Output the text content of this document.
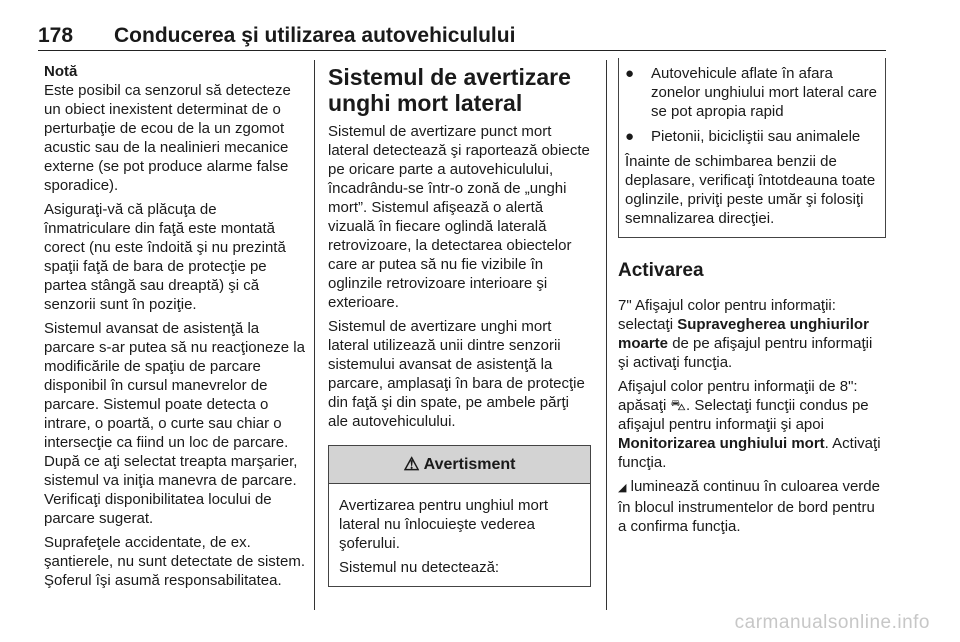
178 Conducerea şi utilizarea autovehiculului

Notă
Este posibil ca senzorul să detecteze un obiect inexistent determinat de o perturbaţie de ecou de la un zgomot acustic sau de la nealinieri mecanice externe (se pot produce alarme false sporadice).

Asiguraţi-vă că plăcuţa de înmatriculare din faţă este montată corect (nu este îndoită şi nu prezintă spaţii faţă de bara de protecţie pe partea stângă sau dreaptă) şi că senzorii sunt în poziţie.

Sistemul avansat de asistenţă la parcare s-ar putea să nu reacţioneze la modificările de spaţiu de parcare disponibil în cursul manevrelor de parcare. Sistemul poate detecta o intrare, o poartă, o curte sau chiar o intersecţie ca fiind un loc de parcare. După ce aţi selectat treapta marşarier, sistemul va iniţia manevra de parcare. Verificaţi disponibilitatea locului de parcare sugerat.

Suprafeţele accidentate, de ex. şantierele, nu sunt detectate de sistem. Şoferul îşi asumă responsabilitatea.

Sistemul de avertizare unghi mort lateral

Sistemul de avertizare punct mort lateral detectează şi raportează obiecte pe oricare parte a autovehiculului, încadrându-se într-o zonă de „unghi mort”. Sistemul afişează o alertă vizuală în fiecare oglindă laterală retrovizoare, la detectarea obiectelor care ar putea să nu fie vizibile în oglinzile retrovizoare interioare şi exterioare.

Sistemul de avertizare unghi mort lateral utilizează unii dintre senzorii sistemului avansat de asistenţă la parcare, amplasaţi în bara de protecţie din faţă şi din spate, pe ambele părţi ale autovehiculului.

⚠ Avertisment

Avertizarea pentru unghiul mort lateral nu înlocuieşte vederea şoferului.

Sistemul nu detectează:

● Autovehicule aflate în afara zonelor unghiului mort lateral care se pot apropia rapid
● Pietonii, bicicliştii sau animalele

Înainte de schimbarea benzii de deplasare, verificaţi întotdeauna toate oglinzile, priviţi peste umăr şi folosiţi semnalizarea direcţiei.

Activarea

7" Afişajul color pentru informaţii: selectaţi Supravegherea unghiurilor moarte de pe afişajul pentru informaţii şi activaţi funcţia.

Afişajul color pentru informaţii de 8": apăsaţi ⛍. Selectaţi funcţii condus pe afişajul pentru informaţii şi apoi Monitorizarea unghiului mort. Activaţi funcţia.

◢ luminează continuu în culoarea verde în blocul instrumentelor de bord pentru a confirma funcţia.

carmanualsonline.info
